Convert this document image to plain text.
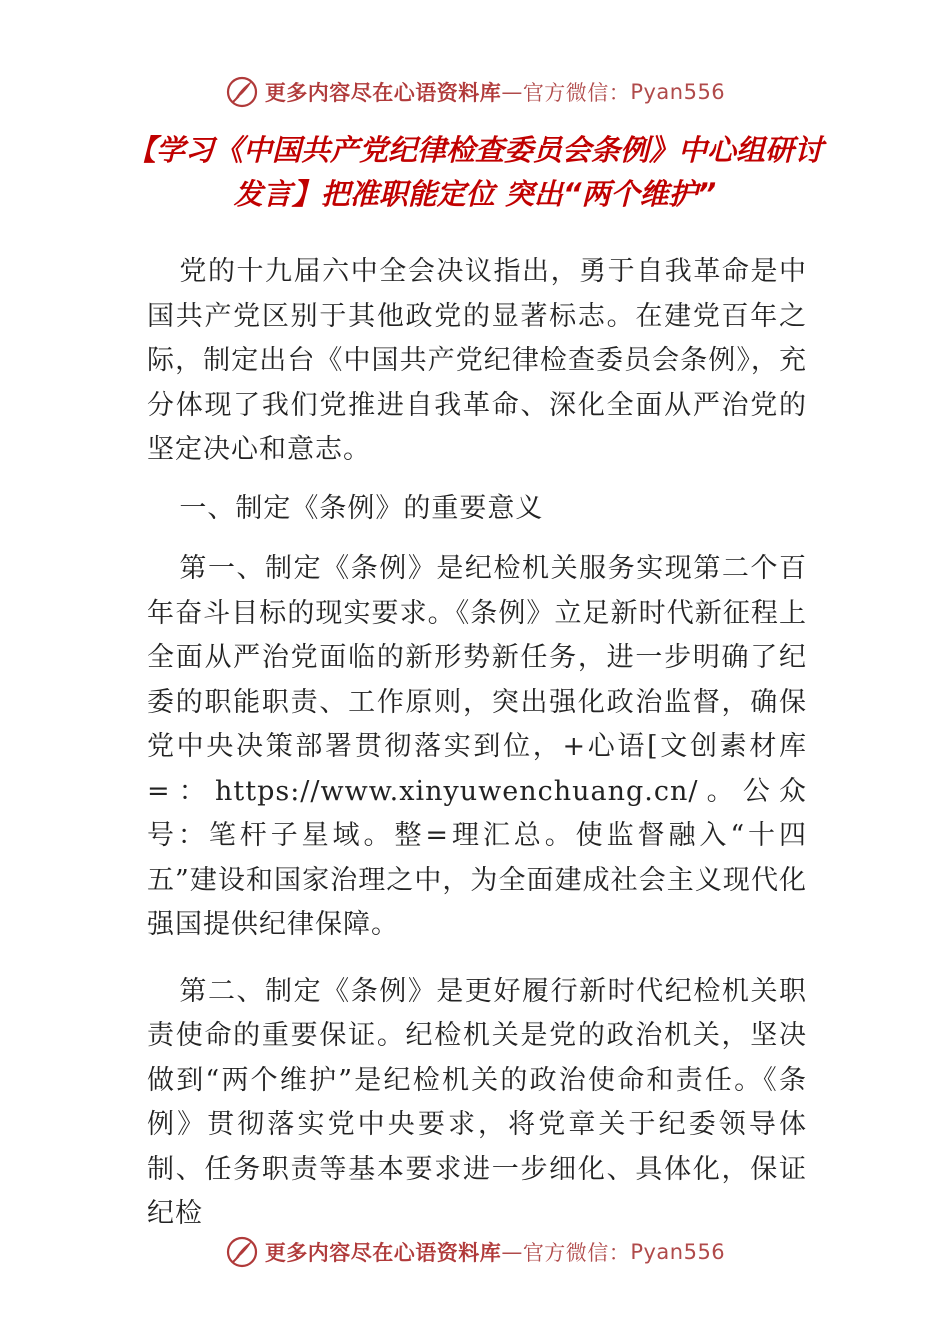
更多内容尽在心语资料库 — 官方微信： Pyan556
【学习《中国共产党纪律检查委员会条例》中心组研讨发言】把准职能定位 突出“两个维护”

党的十九届六中全会决议指出，勇于自我革命是中国共产党区别于其他政党的显著标志。在建党百年之际，制定出台《中国共产党纪律检查委员会条例》，充分体现了我们党推进自我革命、深化全面从严治党的坚定决心和意志。

一、制定《条例》的重要意义

第一、制定《条例》是纪检机关服务实现第二个百年奋斗目标的现实要求。《条例》立足新时代新征程上全面从严治党面临的新形势新任务，进一步明确了纪委的职能职责、工作原则，突出强化政治监督，确保党中央决策部署贯彻落实到位，+心语[文创素材库=：https://www.xinyuwenchuang.cn/。公众号：笔杆子星域。整=理汇总。使监督融入“十四五”建设和国家治理之中，为全面建成社会主义现代化强国提供纪律保障。

第二、制定《条例》是更好履行新时代纪检机关职责使命的重要保证。纪检机关是党的政治机关，坚决做到“两个维护”是纪检机关的政治使命和责任。《条例》贯彻落实党中央要求，将党章关于纪委领导体制、任务职责等基本要求进一步细化、具体化，保证纪检

更多内容尽在心语资料库 — 官方微信： Pyan556
